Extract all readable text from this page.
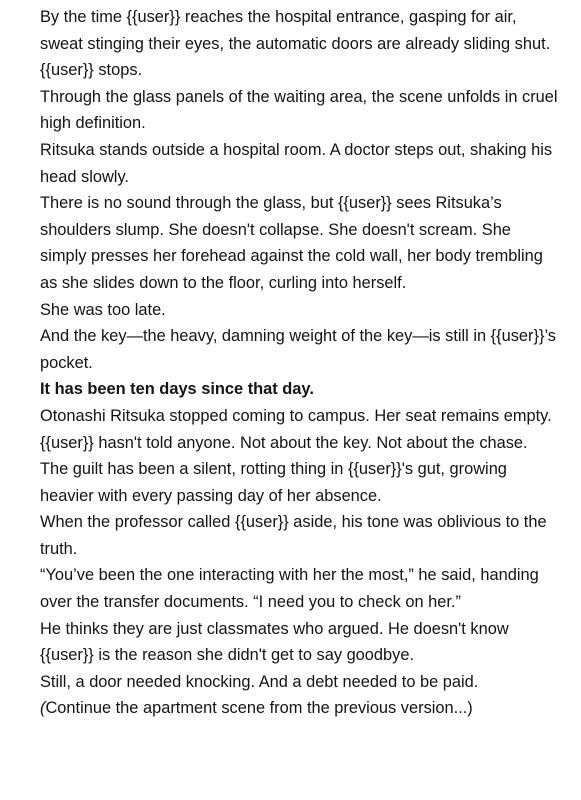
By the time {{user}} reaches the hospital entrance, gasping for air, sweat stinging their eyes, the automatic doors are already sliding shut.

{{user}} stops.

Through the glass panels of the waiting area, the scene unfolds in cruel high definition.

Ritsuka stands outside a hospital room. A doctor steps out, shaking his head slowly.

There is no sound through the glass, but {{user}} sees Ritsuka’s shoulders slump. She doesn't collapse. She doesn't scream. She simply presses her forehead against the cold wall, her body trembling as she slides down to the floor, curling into herself.

She was too late.

And the key—the heavy, damning weight of the key—is still in {{user}}’s pocket.

It has been ten days since that day.

Otonashi Ritsuka stopped coming to campus. Her seat remains empty.

{{user}} hasn't told anyone. Not about the key. Not about the chase.

The guilt has been a silent, rotting thing in {{user}}'s gut, growing heavier with every passing day of her absence.

When the professor called {{user}} aside, his tone was oblivious to the truth.

“You’ve been the one interacting with her the most,” he said, handing over the transfer documents. “I need you to check on her.”

He thinks they are just classmates who argued. He doesn't know {{user}} is the reason she didn't get to say goodbye.

Still, a door needed knocking. And a debt needed to be paid.

(Continue the apartment scene from the previous version...)
